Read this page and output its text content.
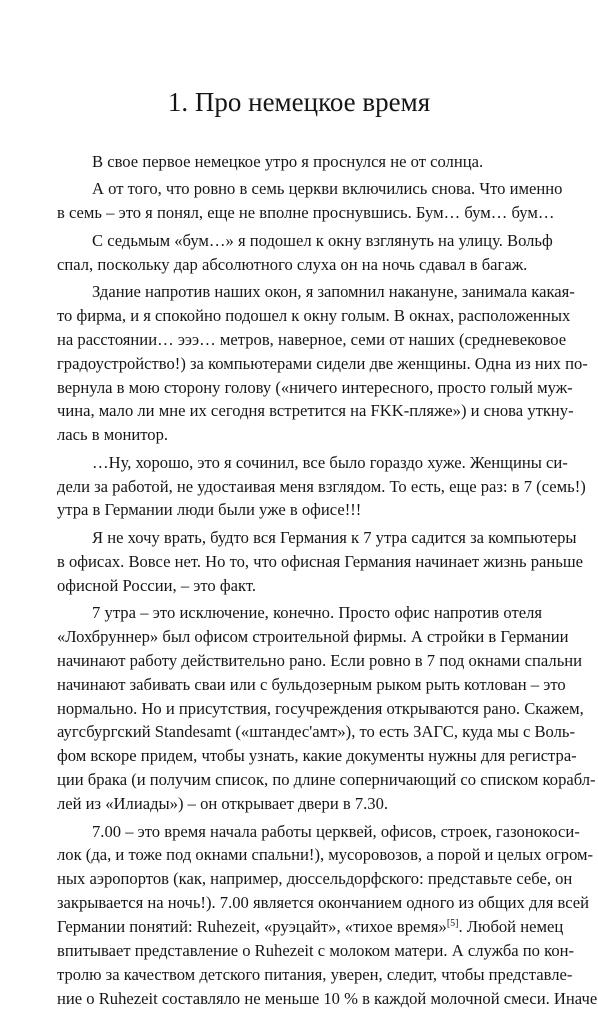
1. Про немецкое время

В свое первое немецкое утро я проснулся не от солнца.

А от того, что ровно в семь церкви включились снова. Что именно
в семь – это я понял, еще не вполне проснувшись. Бум… бум… бум…

С седьмым «бум…» я подошел к окну взглянуть на улицу. Вольф
спал, поскольку дар абсолютного слуха он на ночь сдавал в багаж.

Здание напротив наших окон, я запомнил накануне, занимала какая-
то фирма, и я спокойно подошел к окну голым. В окнах, расположенных
на расстоянии… эээ… метров, наверное, семи от наших (средневековое
градоустройство!) за компьютерами сидели две женщины. Одна из них по-
вернула в мою сторону голову («ничего интересного, просто голый муж-
чина, мало ли мне их сегодня встретится на FKK-пляже») и снова уткну-
лась в монитор.

…Ну, хорошо, это я сочинил, все было гораздо хуже. Женщины си-
дели за работой, не удостаивая меня взглядом. То есть, еще раз: в 7 (семь!)
утра в Германии люди были уже в офисе!!!

Я не хочу врать, будто вся Германия к 7 утра садится за компьютеры
в офисах. Вовсе нет. Но то, что офисная Германия начинает жизнь раньше
офисной России, – это факт.

7 утра – это исключение, конечно. Просто офис напротив отеля
«Лохбруннер» был офисом строительной фирмы. А стройки в Германии
начинают работу действительно рано. Если ровно в 7 под окнами спальни
начинают забивать сваи или с бульдозерным рыком рыть котлован – это
нормально. Но и присутствия, госучреждения открываются рано. Скажем,
аугсбургский Standesamt («штандес'амт»), то есть ЗАГС, куда мы с Воль-
фом вскоре придем, чтобы узнать, какие документы нужны для регистра-
ции брака (и получим список, по длине соперничающий со списком корабл-
лей из «Илиады») – он открывает двери в 7.30.

7.00 – это время начала работы церквей, офисов, строек, газонокоси-
лок (да, и тоже под окнами спальни!), мусоровозов, а порой и целых огром-
ных аэропортов (как, например, дюссельдорфского: представьте себе, он
закрывается на ночь!). 7.00 является окончанием одного из общих для всей
Германии понятий: Ruhezeit, «руэцайт», «тихое время»[5]. Любой немец
впитывает представление о Ruhezeit с молоком матери. А служба по кон-
тролю за качеством детского питания, уверен, следит, чтобы представле-
ние о Ruhezeit составляло не меньше 10 % в каждой молочной смеси. Иначе
